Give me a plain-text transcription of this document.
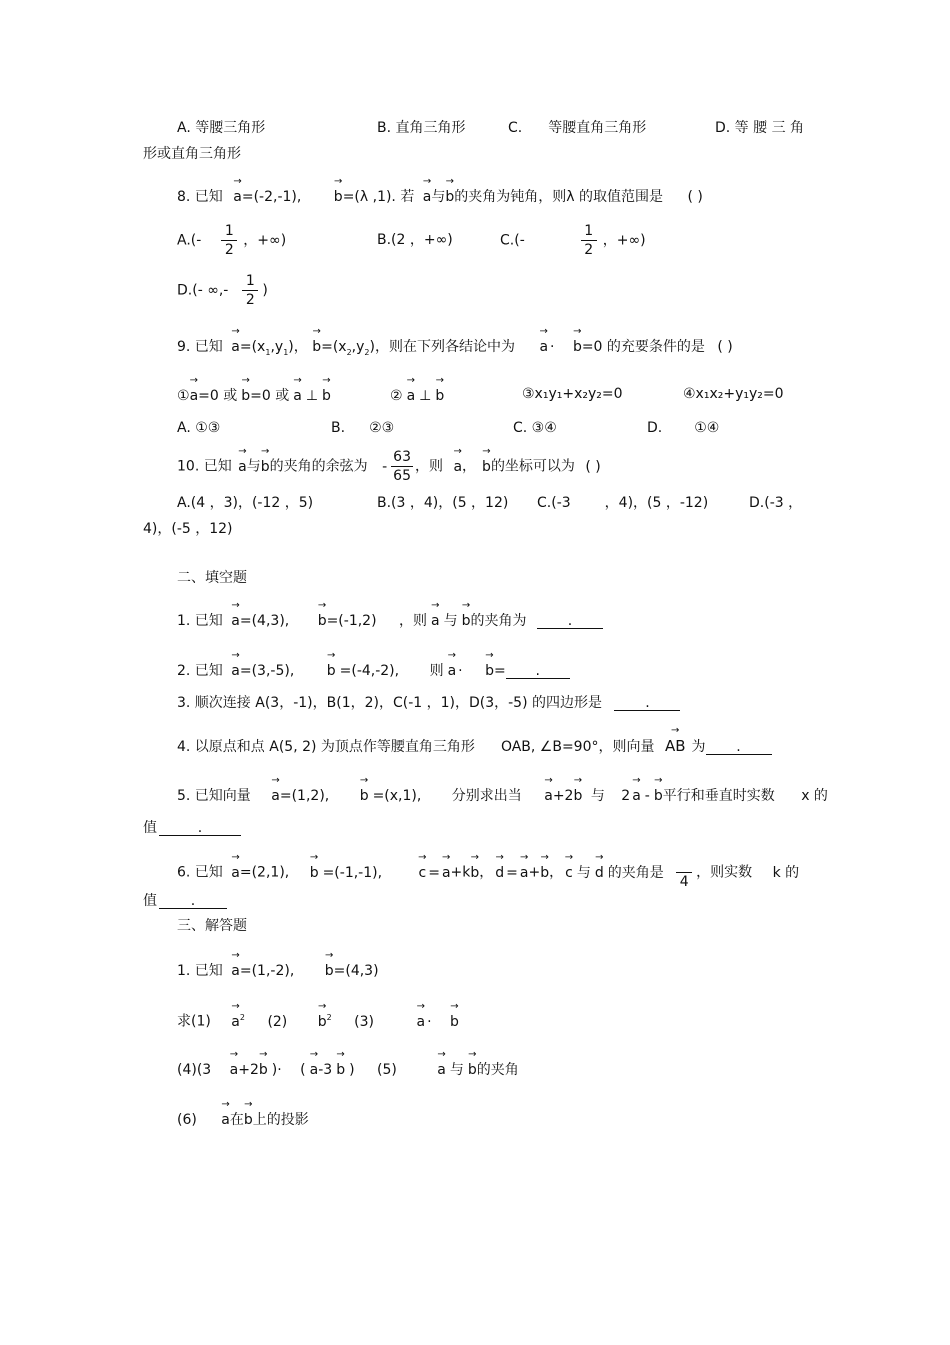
A. 等腰三角形	B. 直角三角形	C. 等腰直角三角形	D. 等 腰 三 角
形或直角三角形
8. 已知 → a=(-2,-1), → b=(λ ,1). 若 → a与→ b的夹角为钝角，则λ 的取值范围是 ( )
$A.(- \frac{1}{2}$ ，+∞)	B.(2 ，+∞)	C.(-	$\frac{1}{2}$ ，+∞)
D.(- ∞,- $\frac{1}{2}$ )
9. 已知 → $a=(x_1,y_1)$， → $b=(x_2,y_2)$，则在下列各结论中为 → a · → b=0 的充要条件的是 ( )
①→ a=0 或 → b=0 或 → a ⊥ → b	② → a ⊥ → b	③x₁y₁+x₂y₂=0	④x₁x₂+y₁y₂=0
A. ①③	B. ②③	C. ③④	D. ①④
10. 已知 → a与→ b的夹角的余弦为 - $\frac{63}{65}$ ，则 → a， → b的坐标可以为 ( )
A.(4 ，3)，(-12 ，5)	B.(3 ，4)，(5 ，12) C.(-3 ，4)，(5 ，-12)	D.(-3 ，
4)，(-5 ，12)
二、填空题
1. 已知 → a=(4,3), → b=(-1,2) ，则 → a 与 → b的夹角为	.
2. 已知 → a=(3,-5), → b =(-4,-2), 则 → a · → b= .
3. 顺次连接 A(3，-1)，B(1，2)，C(-1 ，1)，D(3，-5) 的四边形是	.
4. 以原点和点 A(5, 2) 为顶点作等腰直角三角形 OAB, ∠B=90°，则向量 → AB 为 .
5. 已知向量 → a=(1,2), → b =(x,1), 分别求出当 → a+2→ b 与 2 → a - → b平行和垂直时实数 x 的
值	.
6. 已知 → a=(2,1), → b =(-1,-1),	→ c = → a+k→ b， → d = → a+→ b， → c 与 → d 的夹角是

4
，则实数 k 的
值 .
三、解答题
1. 已知 → a=(1,-2), → b=(4,3)
求$(1) \to a^2$ $(2) \to b^2$ (3)	→ a · → b
(4)(3 → a+2→ b )· ( → a-3 → b ) (5)	→ a 与 → b的夹角
(6) → a在→ b上的投影
